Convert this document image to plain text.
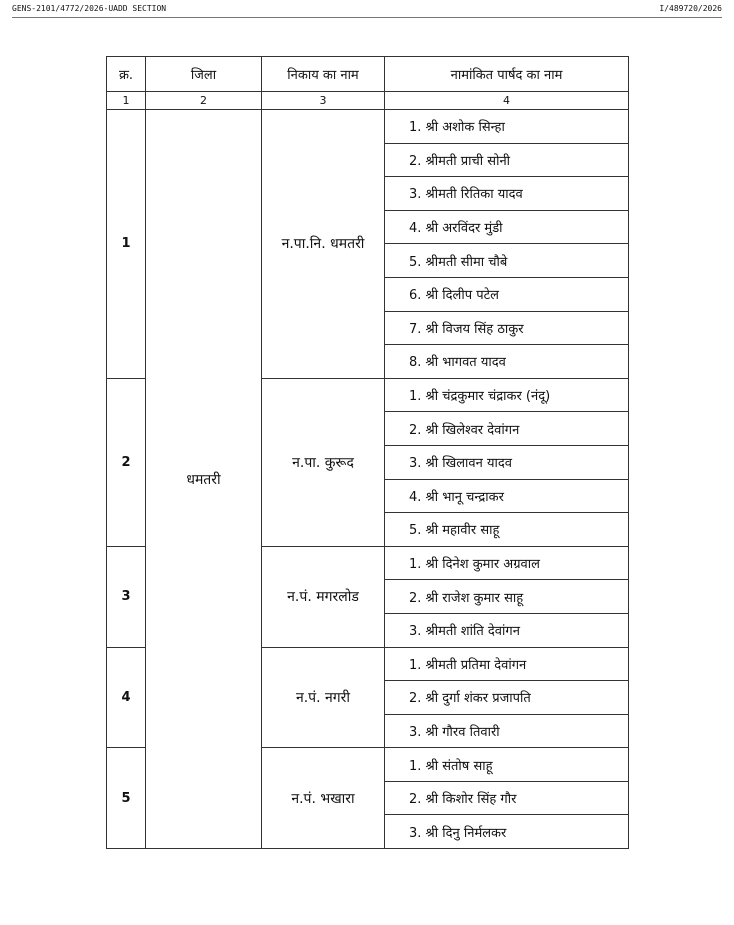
GENS-2101/4772/2026-UADD SECTION	I/489720/2026
क्र.	जिला	निकाय का नाम	नामांकित पार्षद का नाम
1	2	3	4
1	धमतरी	न.पा.नि. धमतरी	1. श्री अशोक सिन्हा
			2. श्रीमती प्राची सोनी
			3. श्रीमती रितिका यादव
			4. श्री अरविंदर मुंडी
			5. श्रीमती सीमा चौबे
			6. श्री दिलीप पटेल
			7. श्री विजय सिंह ठाकुर
			8. श्री भागवत यादव
2		न.पा. कुरूद	1. श्री चंद्रकुमार चंद्राकर (नंदू)
			2. श्री खिलेश्वर देवांगन
			3. श्री खिलावन यादव
			4. श्री भानू चन्द्राकर
			5. श्री महावीर साहू
3		न.पं. मगरलोड	1. श्री दिनेश कुमार अग्रवाल
			2. श्री राजेश कुमार साहू
			3. श्रीमती शांति देवांगन
4		न.पं. नगरी	1. श्रीमती प्रतिमा देवांगन
			2. श्री दुर्गा शंकर प्रजापति
			3. श्री गौरव तिवारी
5		न.पं. भखारा	1. श्री संतोष साहू
			2. श्री किशोर सिंह गौर
			3. श्री दिनु निर्मलकर
